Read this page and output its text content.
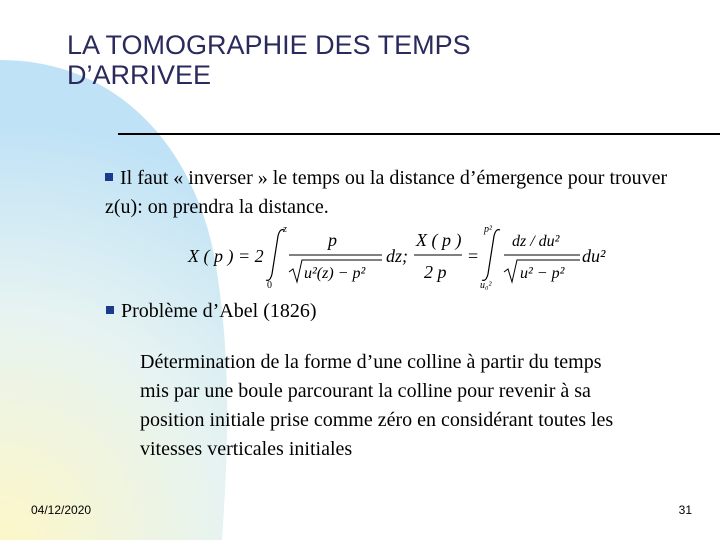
LA TOMOGRAPHIE DES TEMPS
D’ARRIVEE
Il faut « inverser » le temps ou la distance d’émergence pour trouver z(u): on prendra la distance.
X ( p ) = 2
z
0
p
u²(z) − p²
dz;
X ( p )
2 p
=
p²
u₀²
dz / du²
u² − p²
du²
Problème d’Abel (1826)
Détermination de la forme d’une colline à partir du temps mis par une boule parcourant la colline pour revenir à sa position initiale prise comme zéro en considérant toutes les vitesses verticales initiales
04/12/2020	31
